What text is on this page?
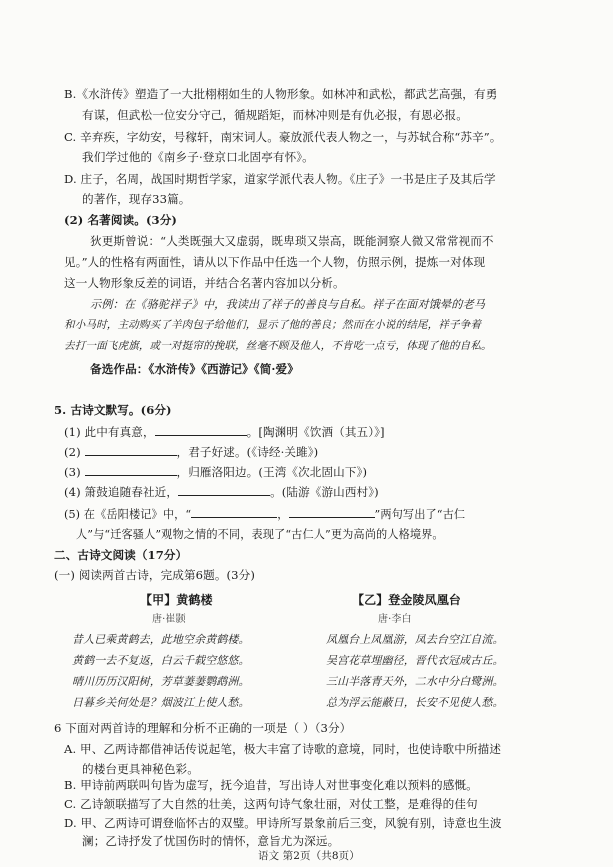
B.《水浒传》塑造了一大批栩栩如生的人物形象。如林冲和武松，都武艺高强，有勇
有谋，但武松一位安分守己，循规蹈矩，而林冲则是有仇必报，有恩必报。
C. 辛弃疾，字幼安，号稼轩，南宋词人。豪放派代表人物之一，与苏轼合称“苏辛”。
我们学过他的《南乡子·登京口北固亭有怀》。
D. 庄子，名周，战国时期哲学家，道家学派代表人物。《庄子》一书是庄子及其后学
的著作，现存33篇。
(2) 名著阅读。(3分)
狄更斯曾说：“人类既强大又虚弱，既卑琐又崇高，既能洞察人微又常常视而不
见。”人的性格有两面性，请从以下作品中任选一个人物，仿照示例，提炼一对体现
这一人物形象反差的词语，并结合名著内容加以分析。
示例：在《骆驼祥子》中，我读出了祥子的善良与自私。祥子在面对饿晕的老马
和小马时，主动购买了羊肉包子给他们，显示了他的善良；然而在小说的结尾，祥子争着
去打一面飞虎旗，或一对挺帘的挽联，丝毫不顾及他人，不肯吃一点亏，体现了他的自私。
备选作品：《水浒传》《西游记》《简·爱》
5. 古诗文默写。(6分)
(1) 此中有真意，	。[陶渊明《饮酒（其五）》]
(2)	，君子好逑。(《诗经·关雎》)
(3)	，归雁洛阳边。(王湾《次北固山下》)
(4) 箫鼓追随春社近，	。(陆游《游山西村》)
(5) 在《岳阳楼记》中，“	，	”两句写出了“古仁
人”与“迁客骚人”观物之情的不同，表现了“古仁人”更为高尚的人格境界。
二、古诗文阅读（17分）
(一) 阅读两首古诗，完成第6题。(3分)
【甲】黄鹤楼
唐·崔颢
昔人已乘黄鹤去，此地空余黄鹤楼。
黄鹤一去不复返，白云千载空悠悠。
晴川历历汉阳树，芳草萋萋鹦鹉洲。
日暮乡关何处是？烟波江上使人愁。
【乙】登金陵凤凰台
唐·李白
凤凰台上凤凰游，凤去台空江自流。
吴宫花草埋幽径，晋代衣冠成古丘。
三山半落青天外，二水中分白鹭洲。
总为浮云能蔽日，长安不见使人愁。
6 下面对两首诗的理解和分析不正确的一项是（ ）（3分）
A. 甲、乙两诗都借神话传说起笔，极大丰富了诗歌的意境，同时，也使诗歌中所描述
的楼台更具神秘色彩。
B. 甲诗前两联叫句皆为虚写，抚今追昔，写出诗人对世事变化难以预料的感慨。
C. 乙诗颔联描写了大自然的壮美，这两句诗气象壮丽，对仗工整，是难得的佳句
D. 甲、乙两诗可谓登临怀古的双璧。甲诗所写景象前后三变，风貌有别，诗意也生波
澜；乙诗抒发了忧国伤时的情怀，意旨尤为深远。
语文 第2页（共8页）
